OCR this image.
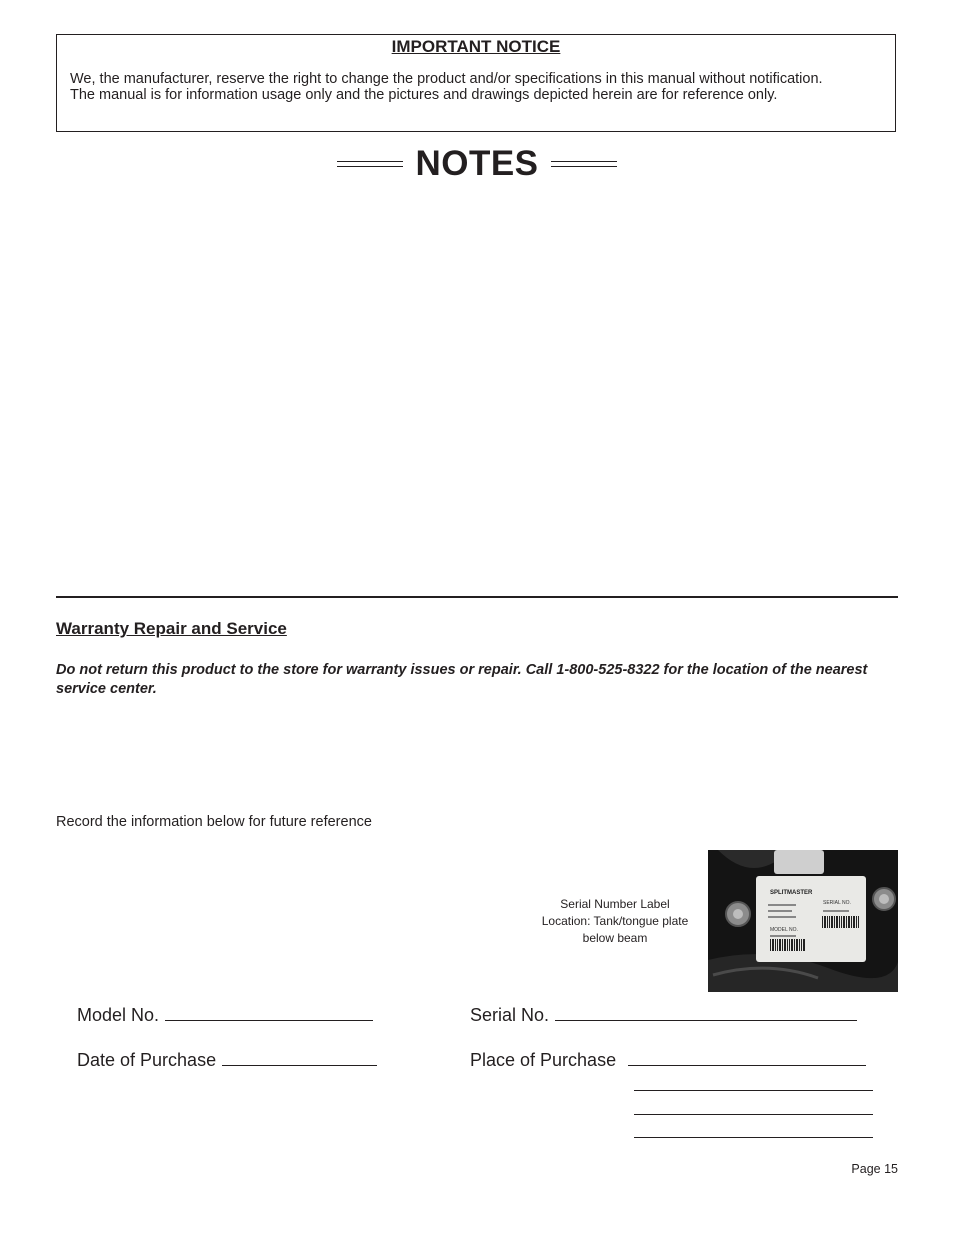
IMPORTANT NOTICE
We, the manufacturer, reserve the right to change the product and/or specifications in this manual without notification.
The manual is for information usage only and the pictures and drawings depicted herein are for reference only.
NOTES
Warranty Repair and Service
Do not return this product to the store for warranty issues or repair. Call 1-800-525-8322 for the location of the nearest service center.
Record the information below for future reference
Serial Number Label
Location: Tank/tongue plate
below beam
SPLITMASTER
SERIAL NO.
MODEL NO.
Model No.	Serial No.
Date of Purchase	Place of Purchase
Page 15
